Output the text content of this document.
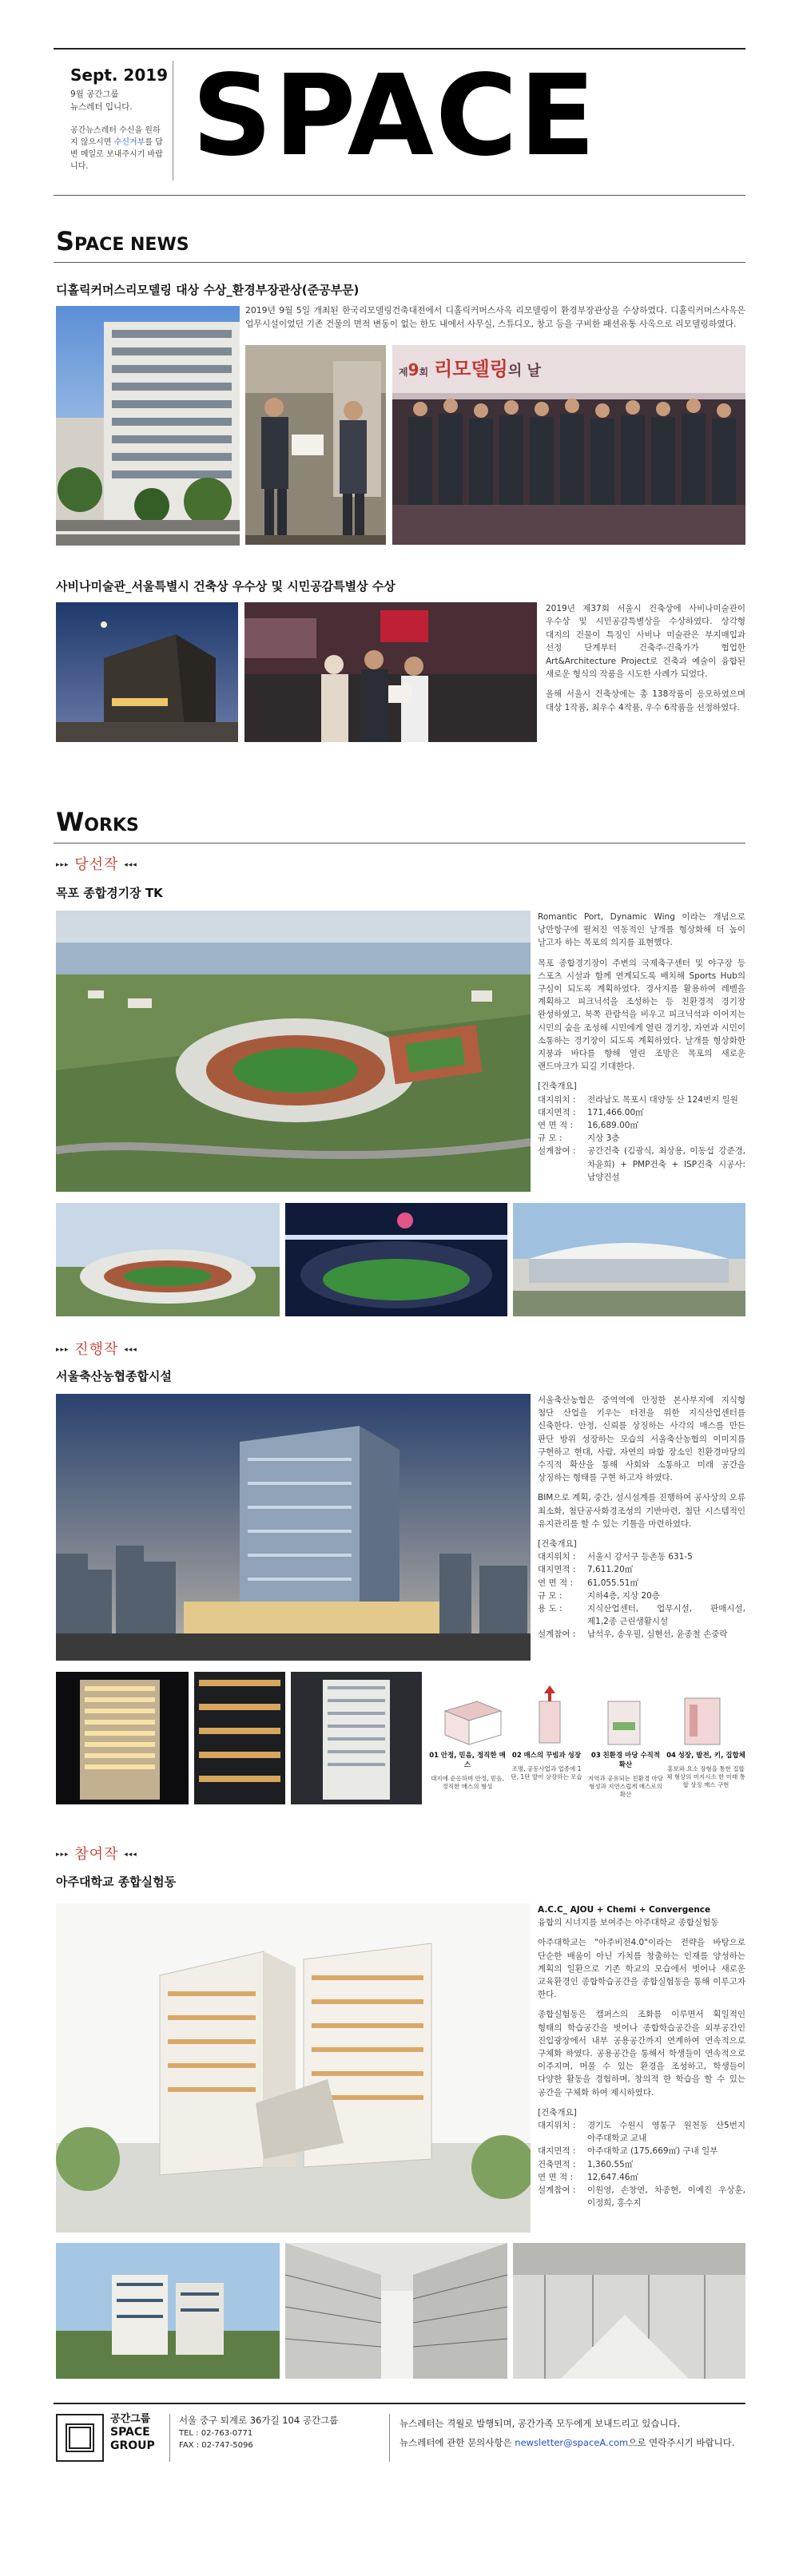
Sept. 2019
9월 공간그룹
뉴스레터 입니다.
공간뉴스레터 수신을 원하지 않으시면 수신거부를 답변 메일로 보내주시기 바랍니다. SPACE
SPACE NEWS
디홀릭커머스리모델링 대상 수상_환경부장관상(준공부문)
2019년 9월 5일 개최된 한국리모델링건축대전에서 디홀릭커머스사옥 리모델링이 환경부장관상을 수상하였다. 디홀릭커머스사옥은 업무시설이었던 기존 건물의 면적 변동이 없는 한도 내에서 사무실, 스튜디오, 창고 등을 구비한 패션유통 사옥으로 리모델링하였다.
제9회 리모델링의 날
사비나미술관_서울특별시 건축상 우수상 및 시민공감특별상 수상
2019년 제37회 서울시 건축상에 사비나미술관이 우수상 및 시민공감특별상을 수상하였다. 상각형 대지의 건물이 특징인 사비나 미술관은 부지매입과 선정 단계부터 건축주-건축가가 협업한 Art&Architecture Project로 건축과 예술이 융합된 새로운 형식의 작품을 시도한 사례가 되었다.
올해 서울시 건축상에는 총 138작품이 응모하였으며 대상 1작품, 최우수 4작품, 우수 6작품을 선정하였다.
WORKS
▸▸▸ 당선작 ◂◂◂
목포 종합경기장 TK
Romantic Port, Dynamic Wing 이라는 개념으로 낭만항구에 펼쳐진 역동적인 날개를 형상화해 더 높이 날고자 하는 목포의 의지를 표현했다.
목포 종합경기장이 주변의 국제축구센터 및 야구장 등 스포츠 시설과 함께 연계되도록 배치해 Sports Hub의 구심이 되도록 계획하였다. 경사지를 활용하여 레벨을 계획하고 피크닉석을 조성하는 등 친환경적 경기장 완성하였고, 북쪽 관람석을 비우고 피크닉석과 이어지는 시민의 숲을 조성해 시민에게 열린 경기장, 자연과 시민이 소통하는 경기장이 되도록 계획하였다. 날개를 형상화한 지붕과 바다를 향해 열린 조망은 목포의 새로운 랜드마크가 되길 기대한다.
[건축개요]
대지위치 :	전라남도 목포시 대양동 산 124번지 일원
대지면적 :	171,466.00㎡
연 면 적 :	16,689.00㎡
규 모 :	지상 3층
설계참여 :	공간건축 (김광식, 최상용, 이동섭 강준경, 차윤희) + PMP건축 + ISP건축 시공사: 남양건설
▸▸▸ 진행작 ◂◂◂
서울축산농협종합시설
서울축산농협은 중역역에 안정한 본사부지에 지식형 첨단 산업을 키우는 터전을 위한 지식산업센터를 신축한다. 안정, 신뢰를 상징하는 사각의 매스를 만든 판단 방위 성장하는 모습의 서울축산농협의 이미지를 구현하고 현대, 사람, 자연의 파합 장소인 친환경마당의 수직적 확산을 통해 사회와 소통하고 미래 공간을 상징하는 형태를 구현 하고자 하였다.
BIM으로 계획, 중간, 설시설계를 진행하여 공사상의 오류 최소화, 첨단공사화경조성의 기반마련, 첨단 시스템적인 유지관리를 할 수 있는 기틀을 마련하였다.
[건축개요]
대지위치 :	서울시 강서구 등촌동 631-5
대지면적 :	7,611.20㎡
연 면 적 :	61,055.51㎡
규 모 :	지하4층, 지상 20층
용 도 :	지식산업센터, 업무시설, 판매시설, 제1,2종 근린생활시설
설계참여 :	남석우, 송우필, 심현선, 윤종철 손중락
01 안정, 믿음, 정직한 매스
대지에 순응하며 안정, 믿음, 정직한 매스의 형성
02 매스의 꾸빔과 성장
조명, 공동사업과 업종에 1단, 1단 발어 상장하는 모습
03 친환경 마당 수직적 확산
지역과 공유되는 친환경 마당 형성과 지연스럽게 매스로의 확산
04 성장, 발전, 키, 집합체
홍보와 요소 장형을 통한 집합체 형상의 미지시소 한 미래 통합 상징 매스 구현
▸▸▸ 참여작 ◂◂◂
아주대학교 종합실험동
A.C.C_ AJOU + Chemi + Convergence
융합의 시너지를 보여주는 아주대학교 종합실험동
아주대학교는 "아주비전4.0"이라는 전략을 바탕으로 단순한 배움이 아닌 가치를 창출하는 인재를 양성하는 계획의 일환으로 기존 학교의 모습에서 벗어나 새로운 교육환경인 종합학습공간을 종합실험동을 통해 이루고자 한다.
종합실험동은 캠퍼스의 조화를 이루면서 획일적인 형태의 학습공간을 벗어나 종합학습공간을 외부공간인 진입광장에서 내부 공용공간까지 연계하여 연속적으로 구체화 하였다. 공용공간을 통해서 학생들이 연속적으로 이주지며, 머물 수 있는 환경을 조성하고, 학생들이 다양한 활동을 경험하며, 창의적 한 학습을 할 수 있는 공간을 구체화 하여 제시하였다.
[건축개요]
대지위치 :	경기도 수원시 영통구 원천동 산5번지 아주대학교 교내
대지면적 :	아주대학교 (175,669㎡) 구내 일부
건축면적 :	1,360.55㎡
연 면 적 :	12,647.46㎡
설계참여 :	이원영, 손창연, 차종현, 이예진 우상훈, 이정희, 홍수지
공간그룹
SPACE
GROUP
서울 중구 퇴계로 36가길 104 공간그룹
TEL : 02-763-0771
FAX : 02-747-5096
뉴스레터는 격월로 발행되며, 공간가족 모두에게 보내드리고 있습니다.
뉴스레터에 관한 문의사항은 newsletter@spaceA.com으로 연락주시기 바랍니다.
